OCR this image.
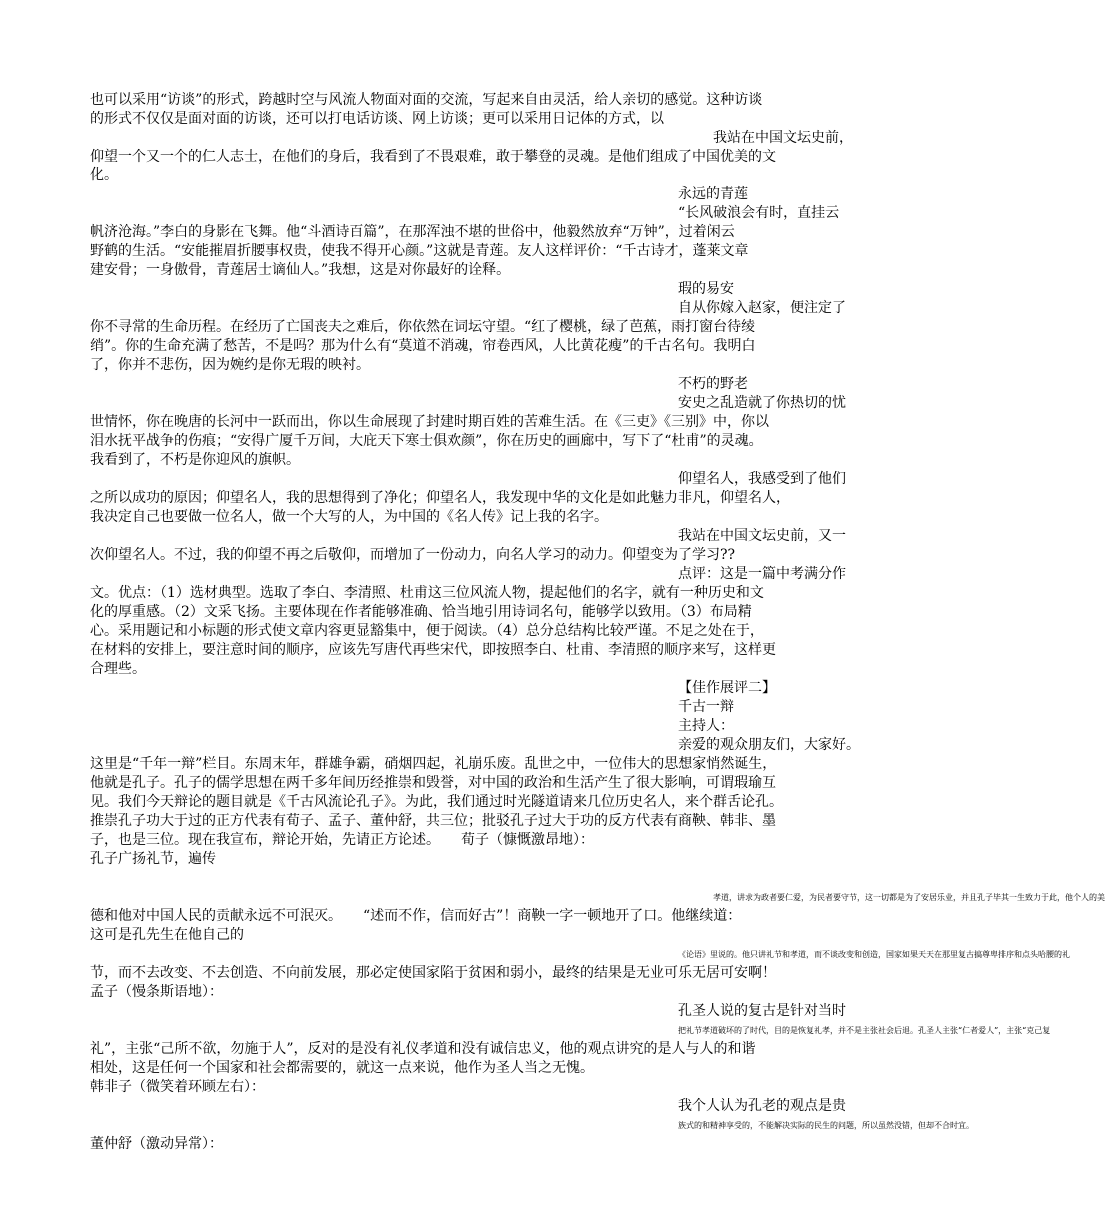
也可以采用“访谈”的形式，跨越时空与风流人物面对面的交流，写起来自由灵活，给人亲切的感觉。这种访谈
的形式不仅仅是面对面的访谈，还可以打电话访谈、网上访谈；更可以采用日记体的方式，以
我站在中国文坛史前，
仰望一个又一个的仁人志士，在他们的身后，我看到了不畏艰难，敢于攀登的灵魂。是他们组成了中国优美的文
化。
永远的青莲
“长风破浪会有时，直挂云
帆济沧海。”李白的身影在飞舞。他“斗酒诗百篇”，在那浑浊不堪的世俗中，他毅然放弃“万钟”，过着闲云
野鹤的生活。“安能摧眉折腰事权贵，使我不得开心颜。”这就是青莲。友人这样评价：“千古诗才，蓬莱文章
建安骨；一身傲骨，青莲居士谪仙人。”我想，这是对你最好的诠释。
瑕的易安
自从你嫁入赵家，便注定了
你不寻常的生命历程。在经历了亡国丧夫之难后，你依然在词坛守望。“红了樱桃，绿了芭蕉，雨打窗台待绫
绡”。你的生命充满了愁苦，不是吗？那为什么有“莫道不消魂，帘卷西风，人比黄花瘦”的千古名句。我明白
了，你并不悲伤，因为婉约是你无瑕的映衬。
不朽的野老
安史之乱造就了你热切的忧
世情怀，你在晚唐的长河中一跃而出，你以生命展现了封建时期百姓的苦难生活。在《三吏》《三别》中，你以
泪水抚平战争的伤痕；“安得广厦千万间，大庇天下寒士俱欢颜”，你在历史的画廊中，写下了“杜甫”的灵魂。
我看到了，不朽是你迎风的旗帜。
仰望名人，我感受到了他们
之所以成功的原因；仰望名人，我的思想得到了净化；仰望名人，我发现中华的文化是如此魅力非凡，仰望名人，
我决定自己也要做一位名人，做一个大写的人，为中国的《名人传》记上我的名字。
我站在中国文坛史前，又一
次仰望名人。不过，我的仰望不再之后敬仰，而增加了一份动力，向名人学习的动力。仰望变为了学习??
点评：这是一篇中考满分作
文。优点：（1）选材典型。选取了李白、李清照、杜甫这三位风流人物，提起他们的名字，就有一种历史和文
化的厚重感。（2）文采飞扬。主要体现在作者能够准确、恰当地引用诗词名句，能够学以致用。（3）布局精
心。采用题记和小标题的形式使文章内容更显豁集中，便于阅读。（4）总分总结构比较严谨。不足之处在于，
在材料的安排上，要注意时间的顺序，应该先写唐代再些宋代，即按照李白、杜甫、李清照的顺序来写，这样更
合理些。
【佳作展评二】
千古一辩
主持人：
亲爱的观众朋友们，大家好。
这里是“千年一辩”栏目。东周末年，群雄争霸，硝烟四起，礼崩乐废。乱世之中，一位伟大的思想家悄然诞生，
他就是孔子。孔子的儒学思想在两千多年间历经推崇和毁誉，对中国的政治和生活产生了很大影响，可谓瑕瑜互
见。我们今天辩论的题目就是《千古风流论孔子》。为此，我们通过时光隧道请来几位历史名人，来个群舌论孔。
推崇孔子功大于过的正方代表有荀子、孟子、董仲舒，共三位；批驳孔子过大于功的反方代表有商鞅、韩非、墨
子，也是三位。现在我宣布，辩论开始，先请正方论述。　　荀子（慷慨激昂地）：
孔子广扬礼节，遍传
孝道，讲求为政者要仁爱，为民者要守节，这一切都是为了安居乐业，并且孔子毕其一生致力于此，他个人的美
德和他对中国人民的贡献永远不可泯灭。　　“述而不作，信而好古”！商鞅一字一顿地开了口。他继续道：
这可是孔先生在他自己的
《论语》里说的。他只讲礼节和孝道，而不谈改变和创造，国家如果天天在那里复古搞尊卑排序和点头哈腰的礼
节，而不去改变、不去创造、不向前发展，那必定使国家陷于贫困和弱小，最终的结果是无业可乐无居可安啊！
孟子（慢条斯语地）：
孔圣人说的复古是针对当时
把礼节孝道破坏的了时代，目的是恢复礼孝，并不是主张社会后退。孔圣人主张“仁者爱人”，主张“克己复
礼”，主张“己所不欲，勿施于人”，反对的是没有礼仪孝道和没有诚信忠义，他的观点讲究的是人与人的和谐
相处，这是任何一个国家和社会都需要的，就这一点来说，他作为圣人当之无愧。
韩非子（微笑着环顾左右）：
我个人认为孔老的观点是贵
族式的和精神享受的，不能解决实际的民生的问题，所以虽然没错，但却不合时宜。
董仲舒（激动异常）：
